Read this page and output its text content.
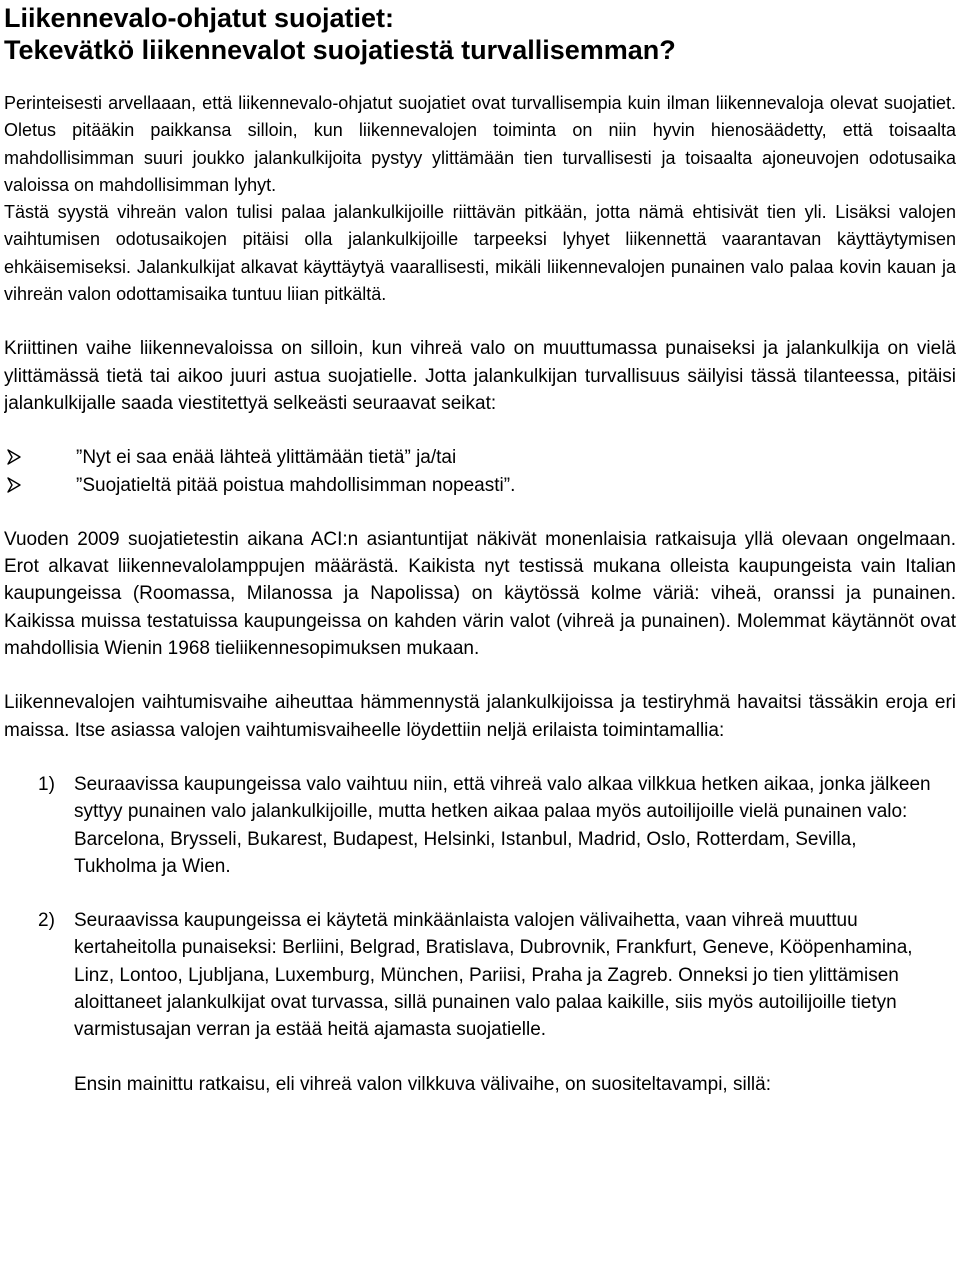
Liikennevalo-ohjatut suojatiet:
Tekevätkö liikennevalot suojatiestä turvallisemman?

Perinteisesti arvellaaan, että liikennevalo-ohjatut suojatiet ovat turvallisempia kuin ilman liikennevaloja olevat suojatiet. Oletus pitääkin paikkansa silloin, kun liikennevalojen toiminta on niin hyvin hienosäädetty, että toisaalta mahdollisimman suuri joukko jalankulkijoita pystyy ylittämään tien turvallisesti ja toisaalta ajoneuvojen odotusaika valoissa on mahdollisimman lyhyt.

Tästä syystä vihreän valon tulisi palaa jalankulkijoille riittävän pitkään, jotta nämä ehtisivät tien yli. Lisäksi valojen vaihtumisen odotusaikojen pitäisi olla jalankulkijoille tarpeeksi lyhyet liikennettä vaarantavan käyttäytymisen ehkäisemiseksi. Jalankulkijat alkavat käyttäytyä vaarallisesti, mikäli liikennevalojen punainen valo palaa kovin kauan ja vihreän valon odottamisaika tuntuu liian pitkältä.

Kriittinen vaihe liikennevaloissa on silloin, kun vihreä valo on muuttumassa punaiseksi ja jalankulkija on vielä ylittämässä tietä tai aikoo juuri astua suojatielle. Jotta jalankulkijan turvallisuus säilyisi tässä tilanteessa, pitäisi jalankulkijalle saada viestitettyä selkeästi seuraavat seikat:

”Nyt ei saa enää lähteä ylittämään tietä” ja/tai
”Suojatieltä pitää poistua mahdollisimman nopeasti”.

Vuoden 2009 suojatietestin aikana ACI:n asiantuntijat näkivät monenlaisia ratkaisuja yllä olevaan ongelmaan. Erot alkavat liikennevalolamppujen määrästä. Kaikista nyt testissä mukana olleista kaupungeista vain Italian kaupungeissa (Roomassa, Milanossa ja Napolissa) on käytössä kolme väriä: viheä, oranssi ja punainen. Kaikissa muissa testatuissa kaupungeissa on kahden värin valot (vihreä ja punainen). Molemmat käytännöt ovat mahdollisia Wienin 1968 tieliikennesopimuksen mukaan.

Liikennevalojen vaihtumisvaihe aiheuttaa hämmennystä jalankulkijoissa ja testiryhmä havaitsi tässäkin eroja eri maissa. Itse asiassa valojen vaihtumisvaiheelle löydettiin neljä erilaista toimintamallia:

1) Seuraavissa kaupungeissa valo vaihtuu niin, että vihreä valo alkaa vilkkua hetken aikaa, jonka jälkeen syttyy punainen valo jalankulkijoille, mutta hetken aikaa palaa myös autoilijoille vielä punainen valo: Barcelona, Brysseli, Bukarest, Budapest, Helsinki, Istanbul, Madrid, Oslo, Rotterdam, Sevilla, Tukholma ja Wien.
2) Seuraavissa kaupungeissa ei käytetä minkäänlaista valojen välivaihetta, vaan vihreä muuttuu kertaheitolla punaiseksi: Berliini, Belgrad, Bratislava, Dubrovnik, Frankfurt, Geneve, Kööpenhamina, Linz, Lontoo, Ljubljana, Luxemburg, München, Pariisi, Praha ja Zagreb. Onneksi jo tien ylittämisen aloittaneet jalankulkijat ovat turvassa, sillä punainen valo palaa kaikille, siis myös autoilijoille tietyn varmistusajan verran ja estää heitä ajamasta suojatielle.

Ensin mainittu ratkaisu, eli vihreä valon vilkkuva välivaihe, on suositeltavampi, sillä:
